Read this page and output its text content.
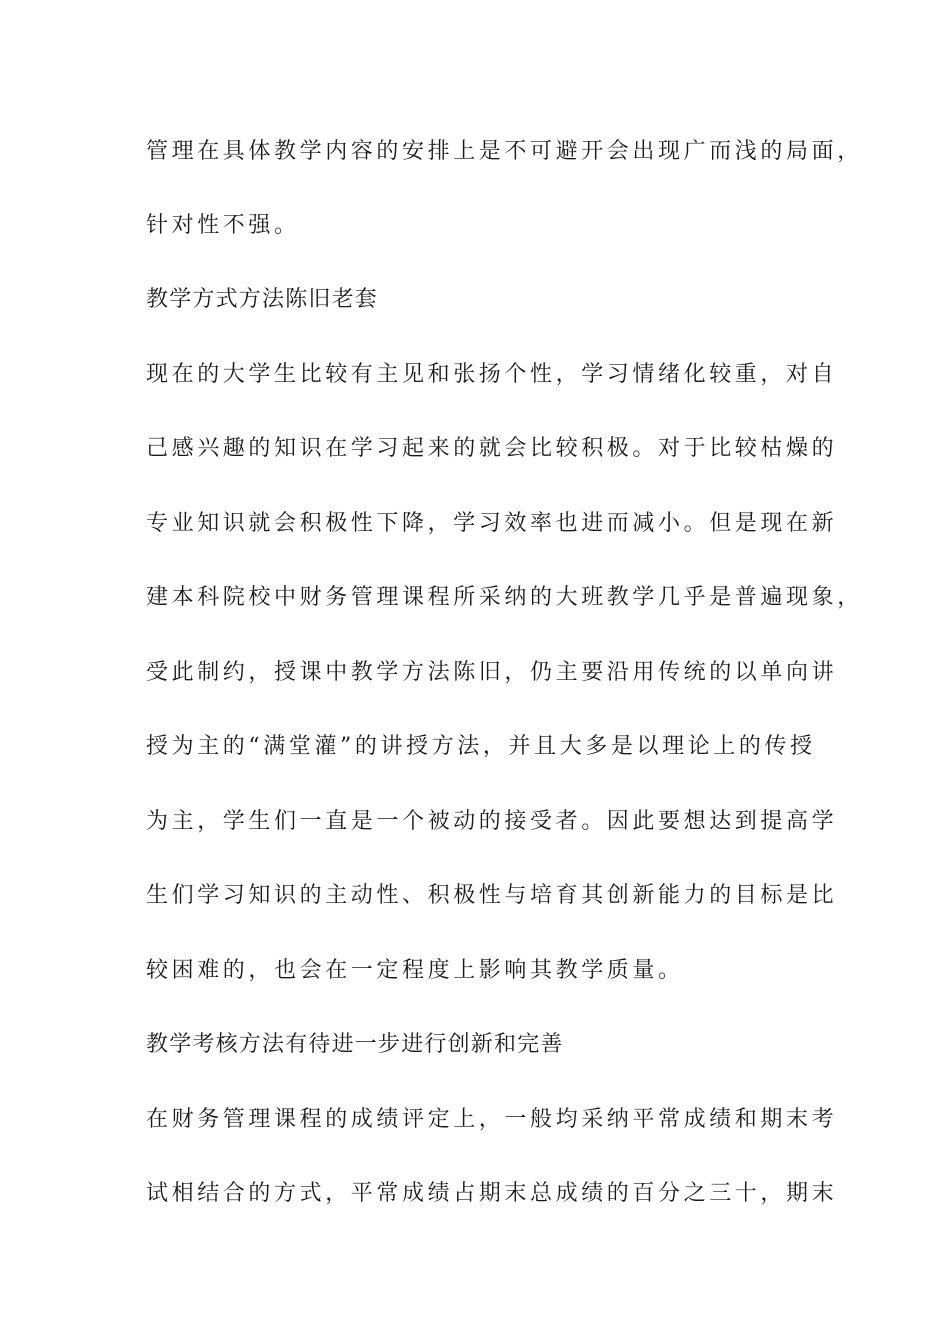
管理在具体教学内容的安排上是不可避开会出现广而浅的局面，
针对性不强。
教学方式方法陈旧老套
现在的大学生比较有主见和张扬个性，学习情绪化较重，对自
己感兴趣的知识在学习起来的就会比较积极。对于比较枯燥的
专业知识就会积极性下降，学习效率也进而减小。但是现在新
建本科院校中财务管理课程所采纳的大班教学几乎是普遍现象，
受此制约，授课中教学方法陈旧，仍主要沿用传统的以单向讲
授为主的“满堂灌”的讲授方法，并且大多是以理论上的传授
为主，学生们一直是一个被动的接受者。因此要想达到提高学
生们学习知识的主动性、积极性与培育其创新能力的目标是比
较困难的，也会在一定程度上影响其教学质量。
教学考核方法有待进一步进行创新和完善
在财务管理课程的成绩评定上，一般均采纳平常成绩和期末考
试相结合的方式，平常成绩占期末总成绩的百分之三十，期末
